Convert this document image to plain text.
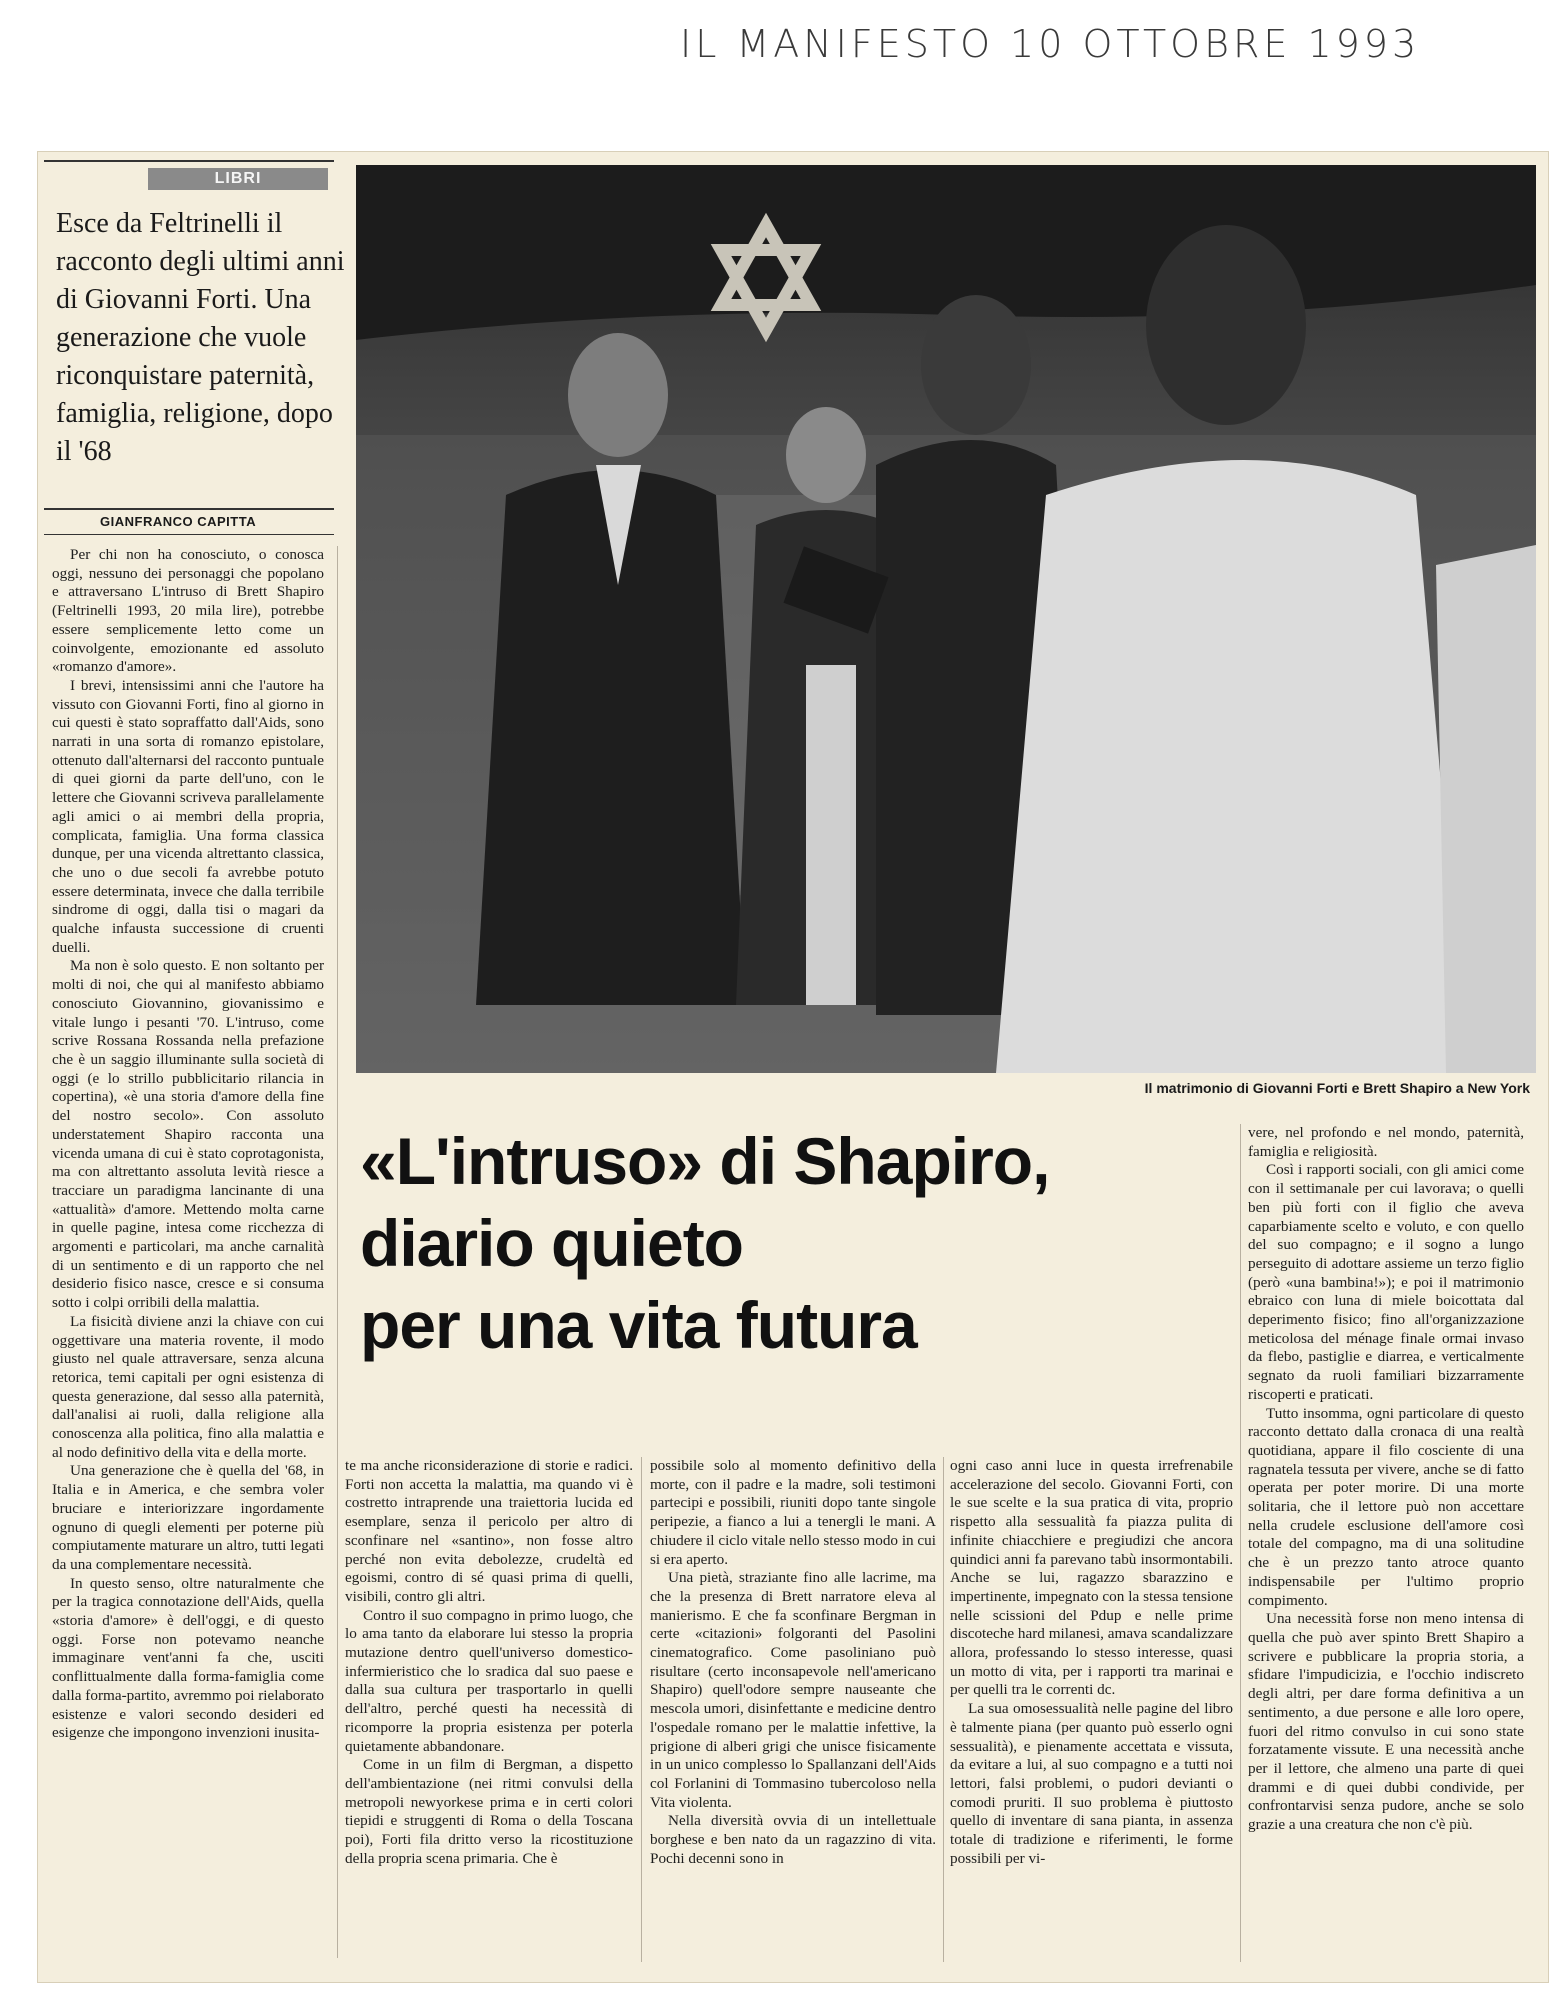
IL MANIFESTO 10 OTTOBRE 1993
LIBRI
Esce da Feltrinelli il racconto degli ultimi anni di Giovanni Forti. Una generazione che vuole riconquistare paternità, famiglia, religione, dopo il '68
GIANFRANCO CAPITTA

Per chi non ha conosciuto, o conosca oggi, nessuno dei personaggi che popolano e attraversano L'intruso di Brett Shapiro (Feltrinelli 1993, 20 mila lire), potrebbe essere semplicemente letto come un coinvolgente, emozionante ed assoluto «romanzo d'amore».

I brevi, intensissimi anni che l'autore ha vissuto con Giovanni Forti, fino al giorno in cui questi è stato sopraffatto dall'Aids, sono narrati in una sorta di romanzo epistolare, ottenuto dall'alternarsi del racconto puntuale di quei giorni da parte dell'uno, con le lettere che Giovanni scriveva parallelamente agli amici o ai membri della propria, complicata, famiglia. Una forma classica dunque, per una vicenda altrettanto classica, che uno o due secoli fa avrebbe potuto essere determinata, invece che dalla terribile sindrome di oggi, dalla tisi o magari da qualche infausta successione di cruenti duelli.

Ma non è solo questo. E non soltanto per molti di noi, che qui al manifesto abbiamo conosciuto Giovannino, giovanissimo e vitale lungo i pesanti '70. L'intruso, come scrive Rossana Rossanda nella prefazione che è un saggio illuminante sulla società di oggi (e lo strillo pubblicitario rilancia in copertina), «è una storia d'amore della fine del nostro secolo». Con assoluto understatement Shapiro racconta una vicenda umana di cui è stato coprotagonista, ma con altrettanto assoluta levità riesce a tracciare un paradigma lancinante di una «attualità» d'amore. Mettendo molta carne in quelle pagine, intesa come ricchezza di argomenti e particolari, ma anche carnalità di un sentimento e di un rapporto che nel desiderio fisico nasce, cresce e si consuma sotto i colpi orribili della malattia.

La fisicità diviene anzi la chiave con cui oggettivare una materia rovente, il modo giusto nel quale attraversare, senza alcuna retorica, temi capitali per ogni esistenza di questa generazione, dal sesso alla paternità, dall'analisi ai ruoli, dalla religione alla conoscenza alla politica, fino alla malattia e al nodo definitivo della vita e della morte.

Una generazione che è quella del '68, in Italia e in America, e che sembra voler bruciare e interiorizzare ingordamente ognuno di quegli elementi per poterne più compiutamente maturare un altro, tutti legati da una complementare necessità.

In questo senso, oltre naturalmente che per la tragica connotazione dell'Aids, quella «storia d'amore» è dell'oggi, e di questo oggi. Forse non potevamo neanche immaginare vent'anni fa che, usciti conflittualmente dalla forma-famiglia come dalla forma-partito, avremmo poi rielaborato esistenze e valori secondo desideri ed esigenze che impongono invenzioni inusita-

Il matrimonio di Giovanni Forti e Brett Shapiro a New York
«L'intruso» di Shapiro,
diario quieto
per una vita futura

te ma anche riconsiderazione di storie e radici. Forti non accetta la malattia, ma quando vi è costretto intraprende una traiettoria lucida ed esemplare, senza il pericolo per altro di sconfinare nel «santino», non fosse altro perché non evita debolezze, crudeltà ed egoismi, contro di sé quasi prima di quelli, visibili, contro gli altri.

Contro il suo compagno in primo luogo, che lo ama tanto da elaborare lui stesso la propria mutazione dentro quell'universo domestico-infermieristico che lo sradica dal suo paese e dalla sua cultura per trasportarlo in quelli dell'altro, perché questi ha necessità di ricomporre la propria esistenza per poterla quietamente abbandonare.

Come in un film di Bergman, a dispetto dell'ambientazione (nei ritmi convulsi della metropoli newyorkese prima e in certi colori tiepidi e struggenti di Roma o della Toscana poi), Forti fila dritto verso la ricostituzione della propria scena primaria. Che è

possibile solo al momento definitivo della morte, con il padre e la madre, soli testimoni partecipi e possibili, riuniti dopo tante singole peripezie, a fianco a lui a tenergli le mani. A chiudere il ciclo vitale nello stesso modo in cui si era aperto.

Una pietà, straziante fino alle lacrime, ma che la presenza di Brett narratore eleva al manierismo. E che fa sconfinare Bergman in certe «citazioni» folgoranti del Pasolini cinematografico. Come pasoliniano può risultare (certo inconsapevole nell'americano Shapiro) quell'odore sempre nauseante che mescola umori, disinfettante e medicine dentro l'ospedale romano per le malattie infettive, la prigione di alberi grigi che unisce fisicamente in un unico complesso lo Spallanzani dell'Aids col Forlanini di Tommasino tubercoloso nella Vita violenta.

Nella diversità ovvia di un intellettuale borghese e ben nato da un ragazzino di vita. Pochi decenni sono in

ogni caso anni luce in questa irrefrenabile accelerazione del secolo. Giovanni Forti, con le sue scelte e la sua pratica di vita, proprio rispetto alla sessualità fa piazza pulita di infinite chiacchiere e pregiudizi che ancora quindici anni fa parevano tabù insormontabili. Anche se lui, ragazzo sbarazzino e impertinente, impegnato con la stessa tensione nelle scissioni del Pdup e nelle prime discoteche hard milanesi, amava scandalizzare allora, professando lo stesso interesse, quasi un motto di vita, per i rapporti tra marinai e per quelli tra le correnti dc.

La sua omosessualità nelle pagine del libro è talmente piana (per quanto può esserlo ogni sessualità), e pienamente accettata e vissuta, da evitare a lui, al suo compagno e a tutti noi lettori, falsi problemi, o pudori devianti o comodi pruriti. Il suo problema è piuttosto quello di inventare di sana pianta, in assenza totale di tradizione e riferimenti, le forme possibili per vi-

vere, nel profondo e nel mondo, paternità, famiglia e religiosità.

Così i rapporti sociali, con gli amici come con il settimanale per cui lavorava; o quelli ben più forti con il figlio che aveva caparbiamente scelto e voluto, e con quello del suo compagno; e il sogno a lungo perseguito di adottare assieme un terzo figlio (però «una bambina!»); e poi il matrimonio ebraico con luna di miele boicottata dal deperimento fisico; fino all'organizzazione meticolosa del ménage finale ormai invaso da flebo, pastiglie e diarrea, e verticalmente segnato da ruoli familiari bizzarramente riscoperti e praticati.

Tutto insomma, ogni particolare di questo racconto dettato dalla cronaca di una realtà quotidiana, appare il filo cosciente di una ragnatela tessuta per vivere, anche se di fatto operata per poter morire. Di una morte solitaria, che il lettore può non accettare nella crudele esclusione dell'amore così totale del compagno, ma di una solitudine che è un prezzo tanto atroce quanto indispensabile per l'ultimo proprio compimento.

Una necessità forse non meno intensa di quella che può aver spinto Brett Shapiro a scrivere e pubblicare la propria storia, a sfidare l'impudicizia, e l'occhio indiscreto degli altri, per dare forma definitiva a un sentimento, a due persone e alle loro opere, fuori del ritmo convulso in cui sono state forzatamente vissute. E una necessità anche per il lettore, che almeno una parte di quei drammi e di quei dubbi condivide, per confrontarvisi senza pudore, anche se solo grazie a una creatura che non c'è più.
